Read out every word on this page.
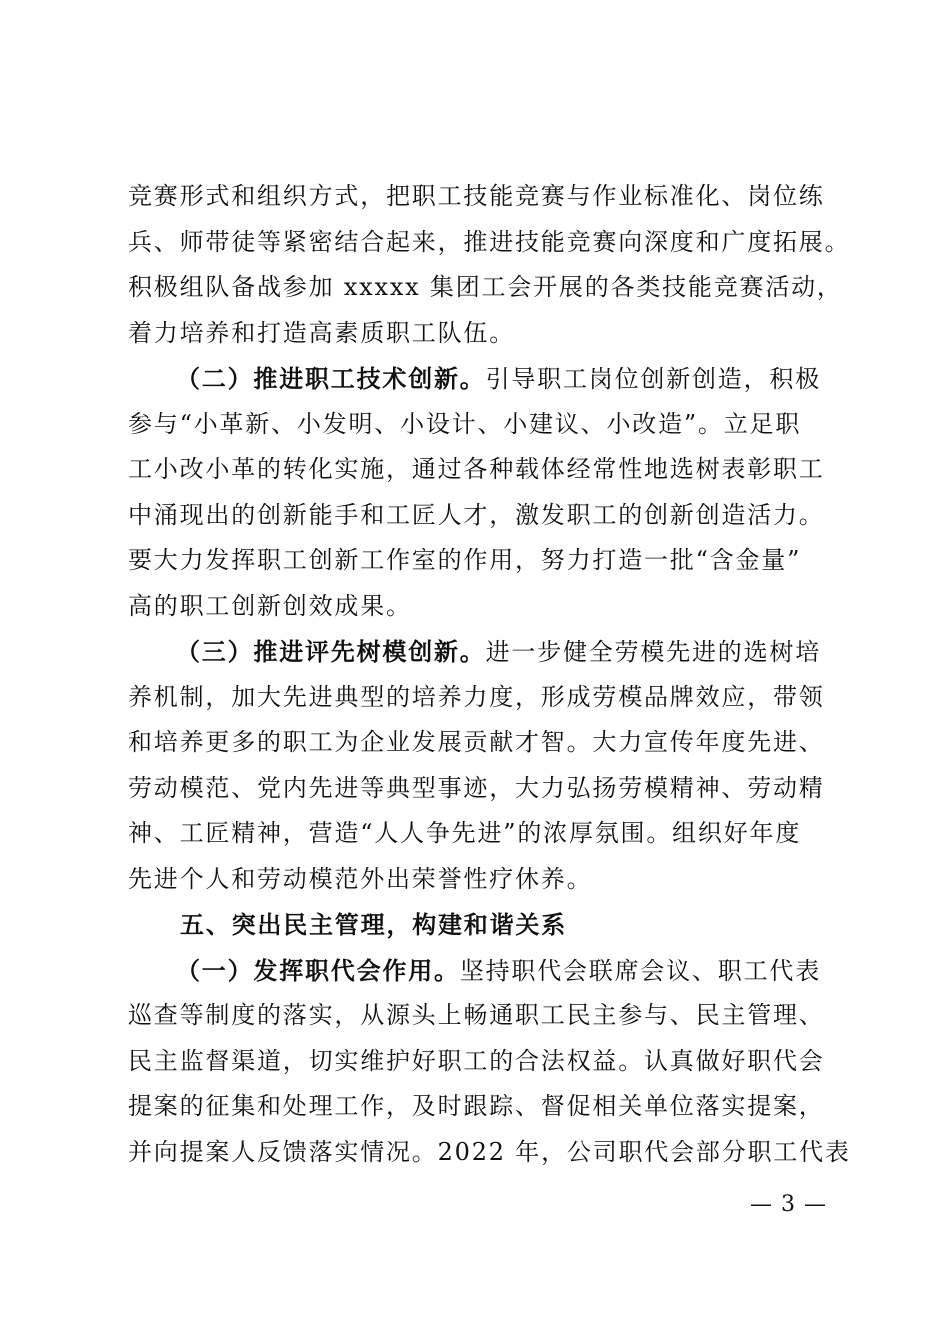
竞赛形式和组织方式，把职工技能竞赛与作业标准化、岗位练
兵、师带徒等紧密结合起来，推进技能竞赛向深度和广度拓展。
积极组队备战参加 xxxxx 集团工会开展的各类技能竞赛活动，
着力培养和打造高素质职工队伍。
（二）推进职工技术创新。引导职工岗位创新创造，积极
参与“小革新、小发明、小设计、小建议、小改造”。立足职
工小改小革的转化实施，通过各种载体经常性地选树表彰职工
中涌现出的创新能手和工匠人才，激发职工的创新创造活力。
要大力发挥职工创新工作室的作用，努力打造一批“含金量”
高的职工创新创效成果。
（三）推进评先树模创新。进一步健全劳模先进的选树培
养机制，加大先进典型的培养力度，形成劳模品牌效应，带领
和培养更多的职工为企业发展贡献才智。大力宣传年度先进、
劳动模范、党内先进等典型事迹，大力弘扬劳模精神、劳动精
神、工匠精神，营造“人人争先进”的浓厚氛围。组织好年度
先进个人和劳动模范外出荣誉性疗休养。
五、突出民主管理，构建和谐关系
（一）发挥职代会作用。坚持职代会联席会议、职工代表
巡查等制度的落实，从源头上畅通职工民主参与、民主管理、
民主监督渠道，切实维护好职工的合法权益。认真做好职代会
提案的征集和处理工作，及时跟踪、督促相关单位落实提案，
并向提案人反馈落实情况。2022 年，公司职代会部分职工代表
— 3 —
